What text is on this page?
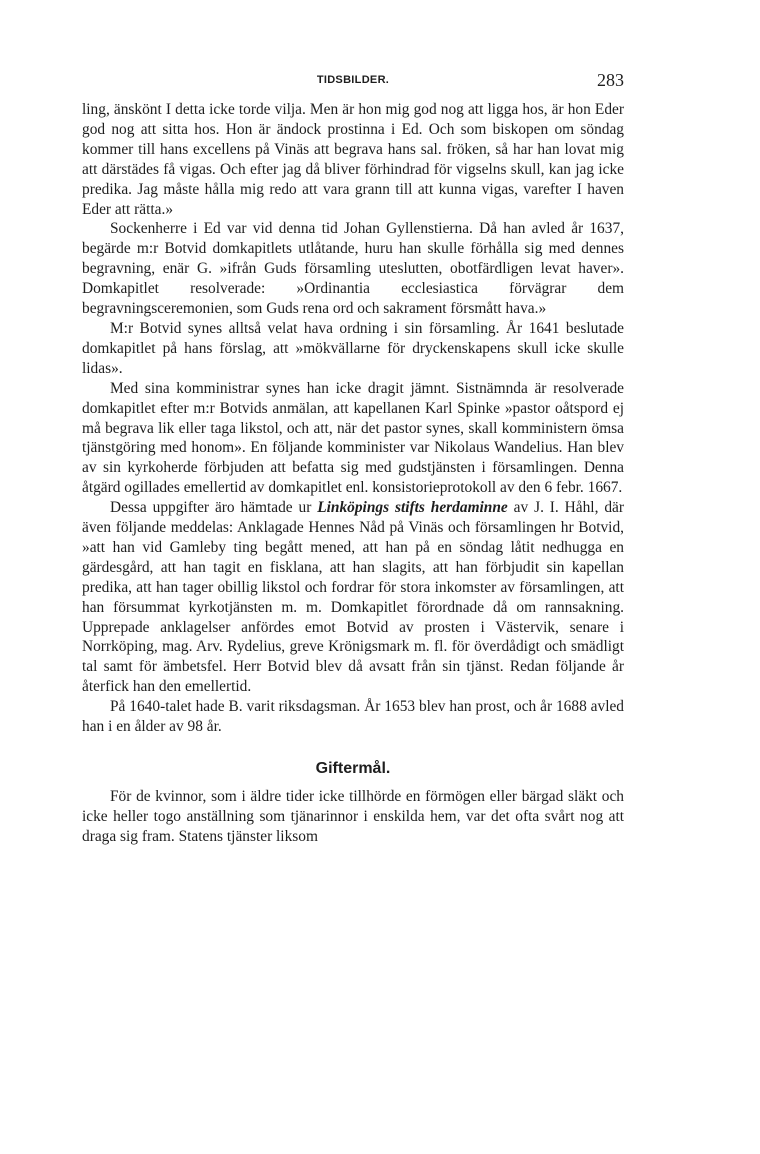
TIDSBILDER.	283

ling, änskönt I detta icke torde vilja. Men är hon mig god nog att ligga hos, är hon Eder god nog att sitta hos. Hon är ändock prostinna i Ed. Och som biskopen om söndag kommer till hans excellens på Vinäs att begrava hans sal. fröken, så har han lovat mig att därstädes få vigas. Och efter jag då bliver förhindrad för vigselns skull, kan jag icke predika. Jag måste hålla mig redo att vara grann till att kunna vigas, varefter I haven Eder att rätta.»

Sockenherre i Ed var vid denna tid Johan Gyllenstierna. Då han avled år 1637, begärde m:r Botvid domkapitlets utlåtande, huru han skulle förhålla sig med dennes begravning, enär G. »ifrån Guds församling uteslutten, obotfärdligen levat haver». Domkapitlet resolverade: »Ordinantia ecclesiastica förvägrar dem begravningsceremonien, som Guds rena ord och sakrament försmått hava.»

M:r Botvid synes alltså velat hava ordning i sin församling. År 1641 beslutade domkapitlet på hans förslag, att »mökvällarne för dryckenskapens skull icke skulle lidas».

Med sina komministrar synes han icke dragit jämnt. Sistnämnda är resolverade domkapitlet efter m:r Botvids anmälan, att kapellanen Karl Spinke »pastor oåtspord ej må begrava lik eller taga likstol, och att, när det pastor synes, skall komministern ömsa tjänstgöring med honom». En följande komminister var Nikolaus Wandelius. Han blev av sin kyrkoherde förbjuden att befatta sig med gudstjänsten i församlingen. Denna åtgärd ogillades emellertid av domkapitlet enl. konsistorieprotokoll av den 6 febr. 1667.

Dessa uppgifter äro hämtade ur Linköpings stifts herdaminne av J. I. Håhl, där även följande meddelas: Anklagade Hennes Nåd på Vinäs och församlingen hr Botvid, »att han vid Gamleby ting begått mened, att han på en söndag låtit nedhugga en gärdesgård, att han tagit en fisklana, att han slagits, att han förbjudit sin kapellan predika, att han tager obillig likstol och fordrar för stora inkomster av församlingen, att han försummat kyrkotjänsten m. m. Domkapitlet förordnade då om rannsakning. Upprepade anklagelser anfördes emot Botvid av prosten i Västervik, senare i Norrköping, mag. Arv. Rydelius, greve Krönigsmark m. fl. för överdådigt och smädligt tal samt för ämbetsfel. Herr Botvid blev då avsatt från sin tjänst. Redan följande år återfick han den emellertid.

På 1640-talet hade B. varit riksdagsman. År 1653 blev han prost, och år 1688 avled han i en ålder av 98 år.

Giftermål.

För de kvinnor, som i äldre tider icke tillhörde en förmögen eller bärgad släkt och icke heller togo anställning som tjänarinnor i enskilda hem, var det ofta svårt nog att draga sig fram. Statens tjänster liksom
